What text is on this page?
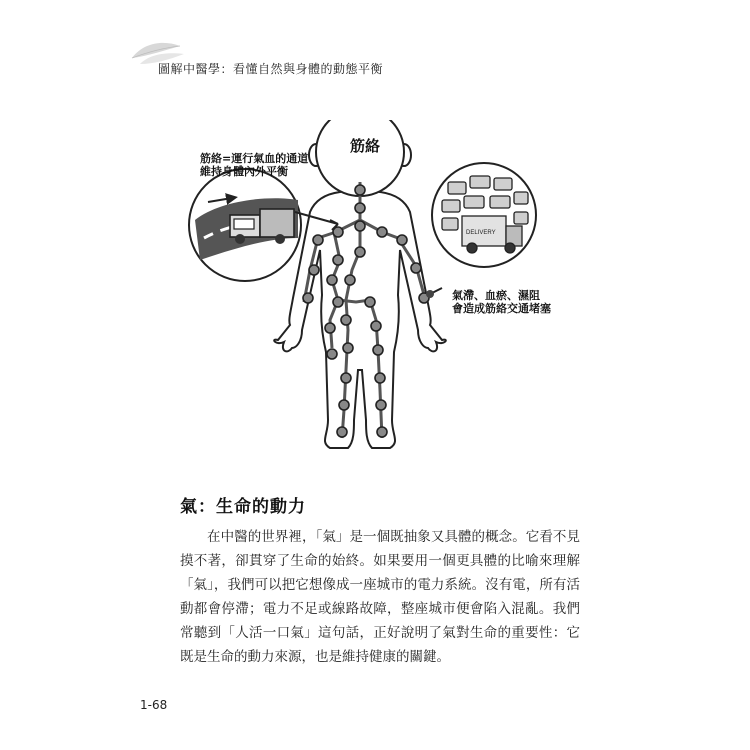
圖解中醫學：看懂自然與身體的動態平衡
DELIVERY
筋絡
筋絡=運行氣血的通道
維持身體內外平衡
氣滯、血瘀、濕阻
會造成筋絡交通堵塞
氣：生命的動力

在中醫的世界裡，「氣」是一個既抽象又具體的概念。它看不見摸不著，卻貫穿了生命的始終。如果要用一個更具體的比喻來理解「氣」，我們可以把它想像成一座城市的電力系統。沒有電，所有活動都會停滯；電力不足或線路故障，整座城市便會陷入混亂。我們常聽到「人活一口氣」這句話，正好說明了氣對生命的重要性：它既是生命的動力來源，也是維持健康的關鍵。

1-68
